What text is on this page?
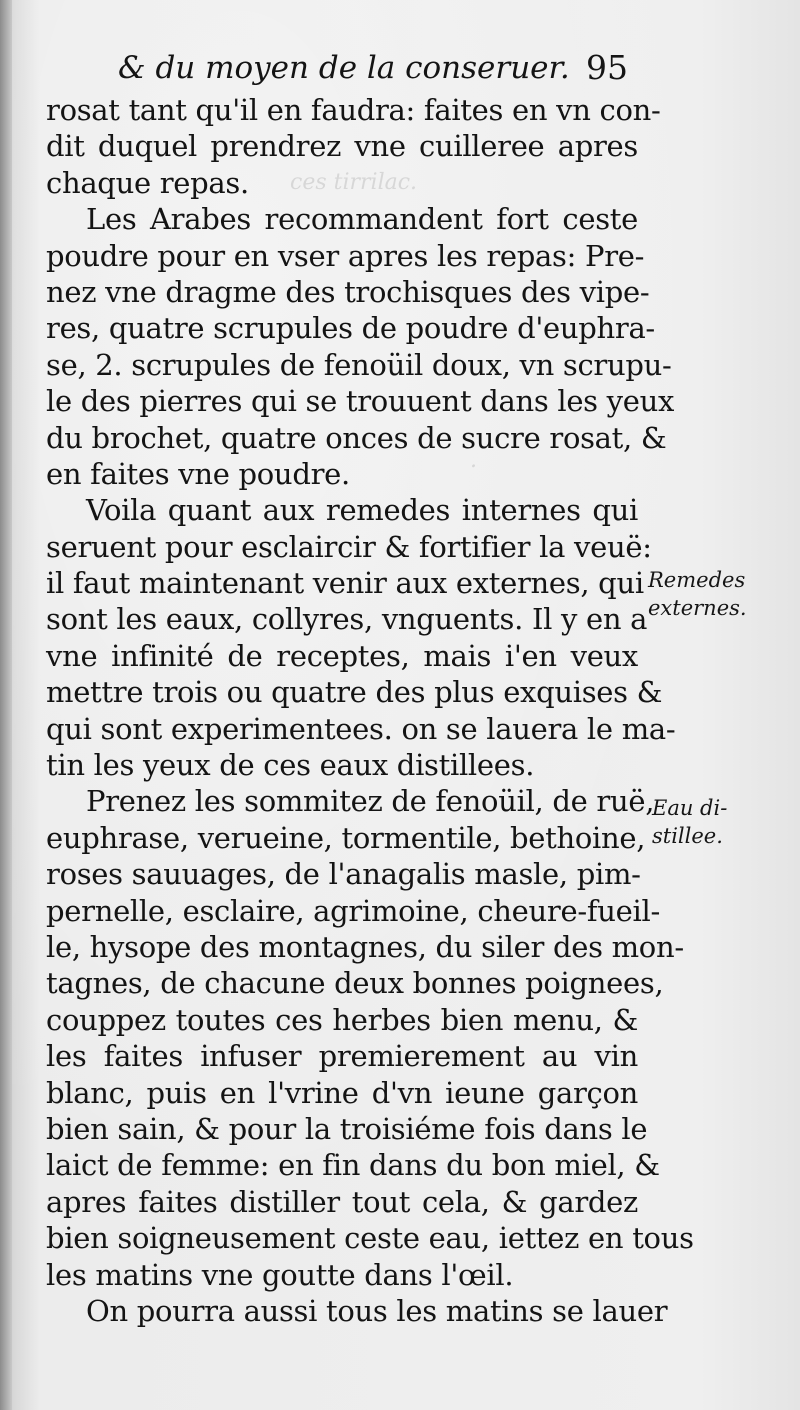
ces tirrilac.
.
& du moyen de la conseruer. 95
rosat tant qu'il en faudra: faites en vn con-
dit duquel prendrez vne cuilleree apres
chaque repas.
Les Arabes recommandent fort ceste
poudre pour en vser apres les repas: Pre-
nez vne dragme des trochisques des vipe-
res, quatre scrupules de poudre d'euphra-
se, 2. scrupules de fenoüil doux, vn scrupu-
le des pierres qui se trouuent dans les yeux
du brochet, quatre onces de sucre rosat, &
en faites vne poudre.
Voila quant aux remedes internes qui
seruent pour esclaircir & fortifier la veuë:
il faut maintenant venir aux externes, qui
sont les eaux, collyres, vnguents. Il y en a
vne infinité de receptes, mais i'en veux
mettre trois ou quatre des plus exquises &
qui sont experimentees. on se lauera le ma-
tin les yeux de ces eaux distillees.
Prenez les sommitez de fenoüil, de ruë,
euphrase, verueine, tormentile, bethoine,
roses sauuages, de l'anagalis masle, pim-
pernelle, esclaire, agrimoine, cheure-fueil-
le, hysope des montagnes, du siler des mon-
tagnes, de chacune deux bonnes poignees,
couppez toutes ces herbes bien menu, &
les faites infuser premierement au vin
blanc, puis en l'vrine d'vn ieune garçon
bien sain, & pour la troisiéme fois dans le
laict de femme: en fin dans du bon miel, &
apres faites distiller tout cela, & gardez
bien soigneusement ceste eau, iettez en tous
les matins vne goutte dans l'œil.
On pourra aussi tous les matins se lauer
Remedes
externes.
Eau di-
stillee.
